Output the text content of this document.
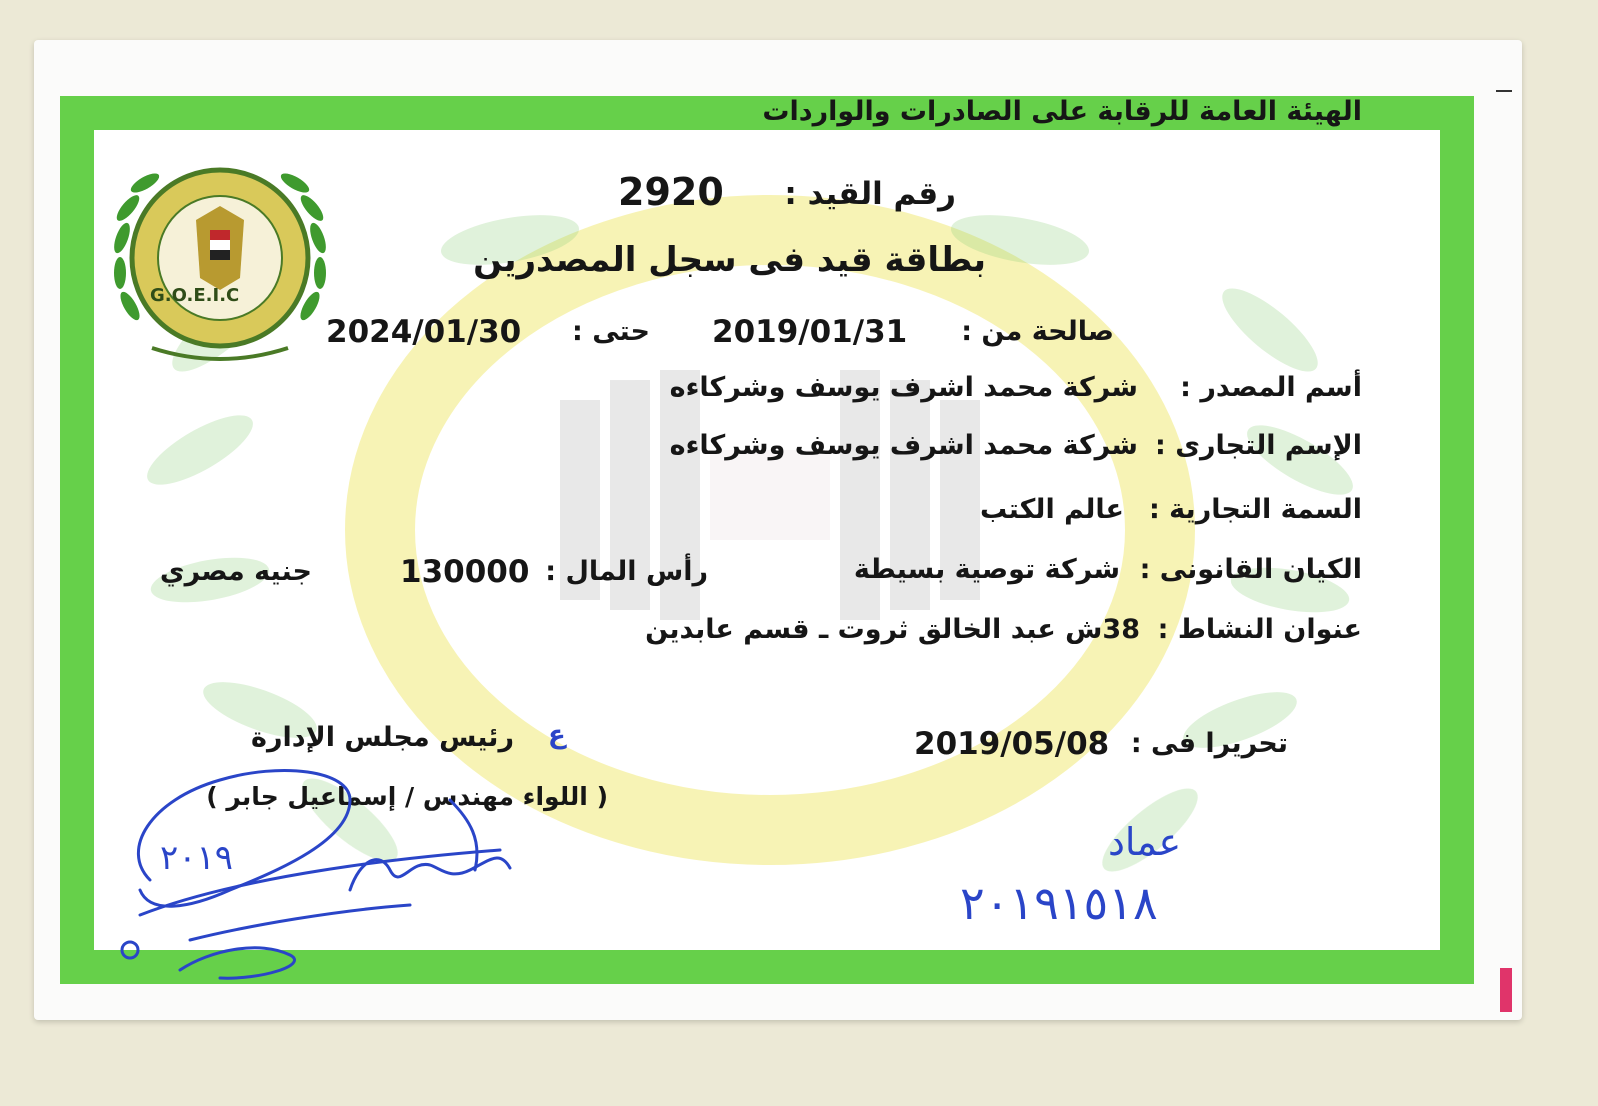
G.O.E.I.C
الهيئة العامة للرقابة على الصادرات والواردات
رقم القيد :
2920
بطاقة قيد فى سجل المصدرين
صالحة من :
2019/01/31
حتى :
2024/01/30
أسم المصدر :
شركة محمد اشرف يوسف وشركاءه
الإسم التجارى :
شركة محمد اشرف يوسف وشركاءه
السمة التجارية :
عالم الكتب
الكيان القانونى :
شركة توصية بسيطة
رأس المال :
130000
جنيه مصري
عنوان النشاط :
38ش عبد الخالق ثروت ـ قسم عابدين
تحريرا فى :
2019/05/08
ع
رئيس مجلس الإدارة
( اللواء مهندس / إسماعيل جابر )
٢٠١٩	عماد
٢٠١٩١٥١٨
